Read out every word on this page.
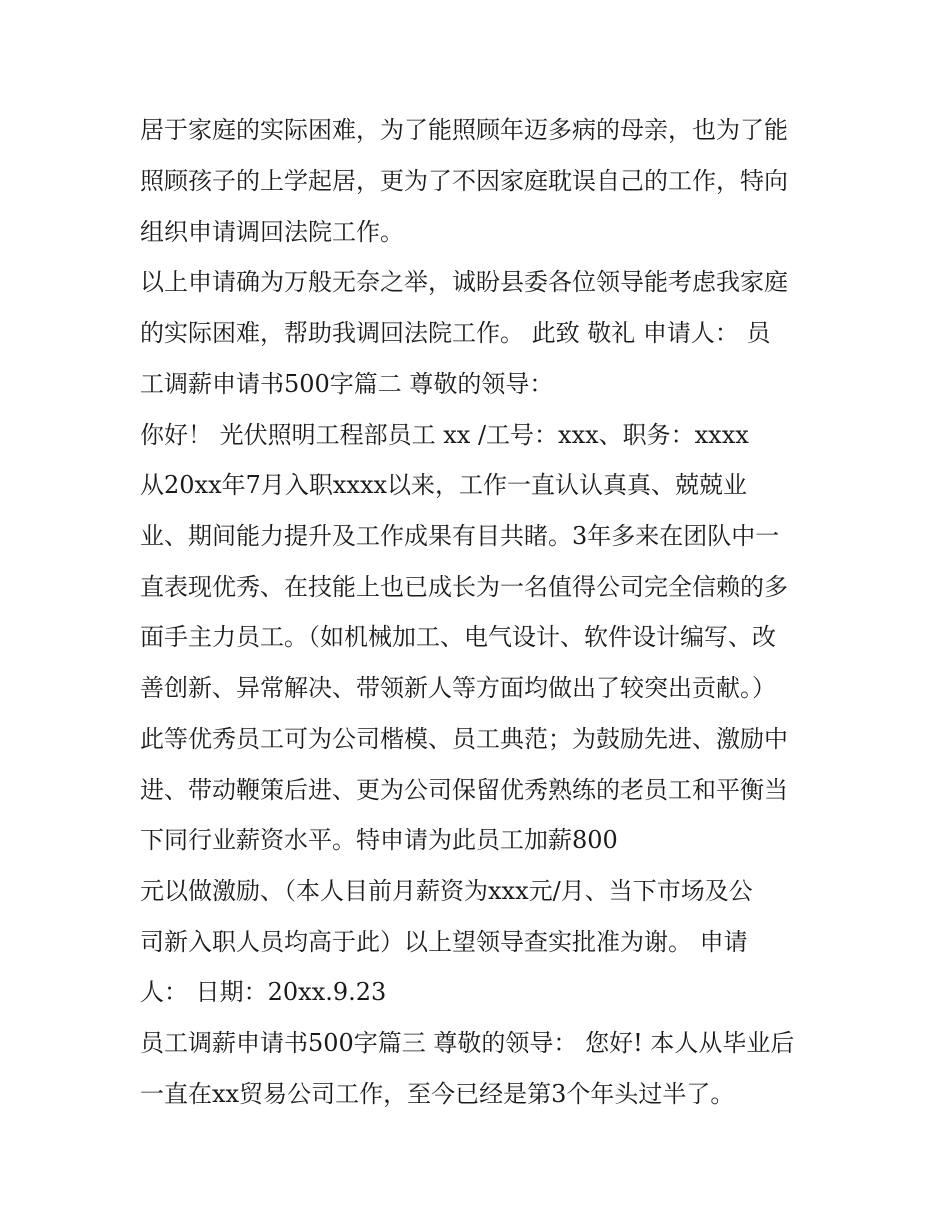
居于家庭的实际困难，为了能照顾年迈多病的母亲，也为了能
照顾孩子的上学起居，更为了不因家庭耽误自己的工作，特向
组织申请调回法院工作。
以上申请确为万般无奈之举，诚盼县委各位领导能考虑我家庭
的实际困难，帮助我调回法院工作。 此致 敬礼 申请人： 员
工调薪申请书500字篇二 尊敬的领导：
你好！ 光伏照明工程部员工 xx /工号：xxx、职务：xxxx
从20xx年7月入职xxxx以来，工作一直认认真真、兢兢业
业、期间能力提升及工作成果有目共睹。3年多来在团队中一
直表现优秀、在技能上也已成长为一名值得公司完全信赖的多
面手主力员工。（如机械加工、电气设计、软件设计编写、改
善创新、异常解决、带领新人等方面均做出了较突出贡献。）
此等优秀员工可为公司楷模、员工典范；为鼓励先进、激励中
进、带动鞭策后进、更为公司保留优秀熟练的老员工和平衡当
下同行业薪资水平。特申请为此员工加薪800
元以做激励、（本人目前月薪资为xxx元/月、当下市场及公
司新入职人员均高于此）以上望领导查实批准为谢。 申请
人： 日期：20xx.9.23
员工调薪申请书500字篇三 尊敬的领导： 您好! 本人从毕业后
一直在xx贸易公司工作，至今已经是第3个年头过半了。
